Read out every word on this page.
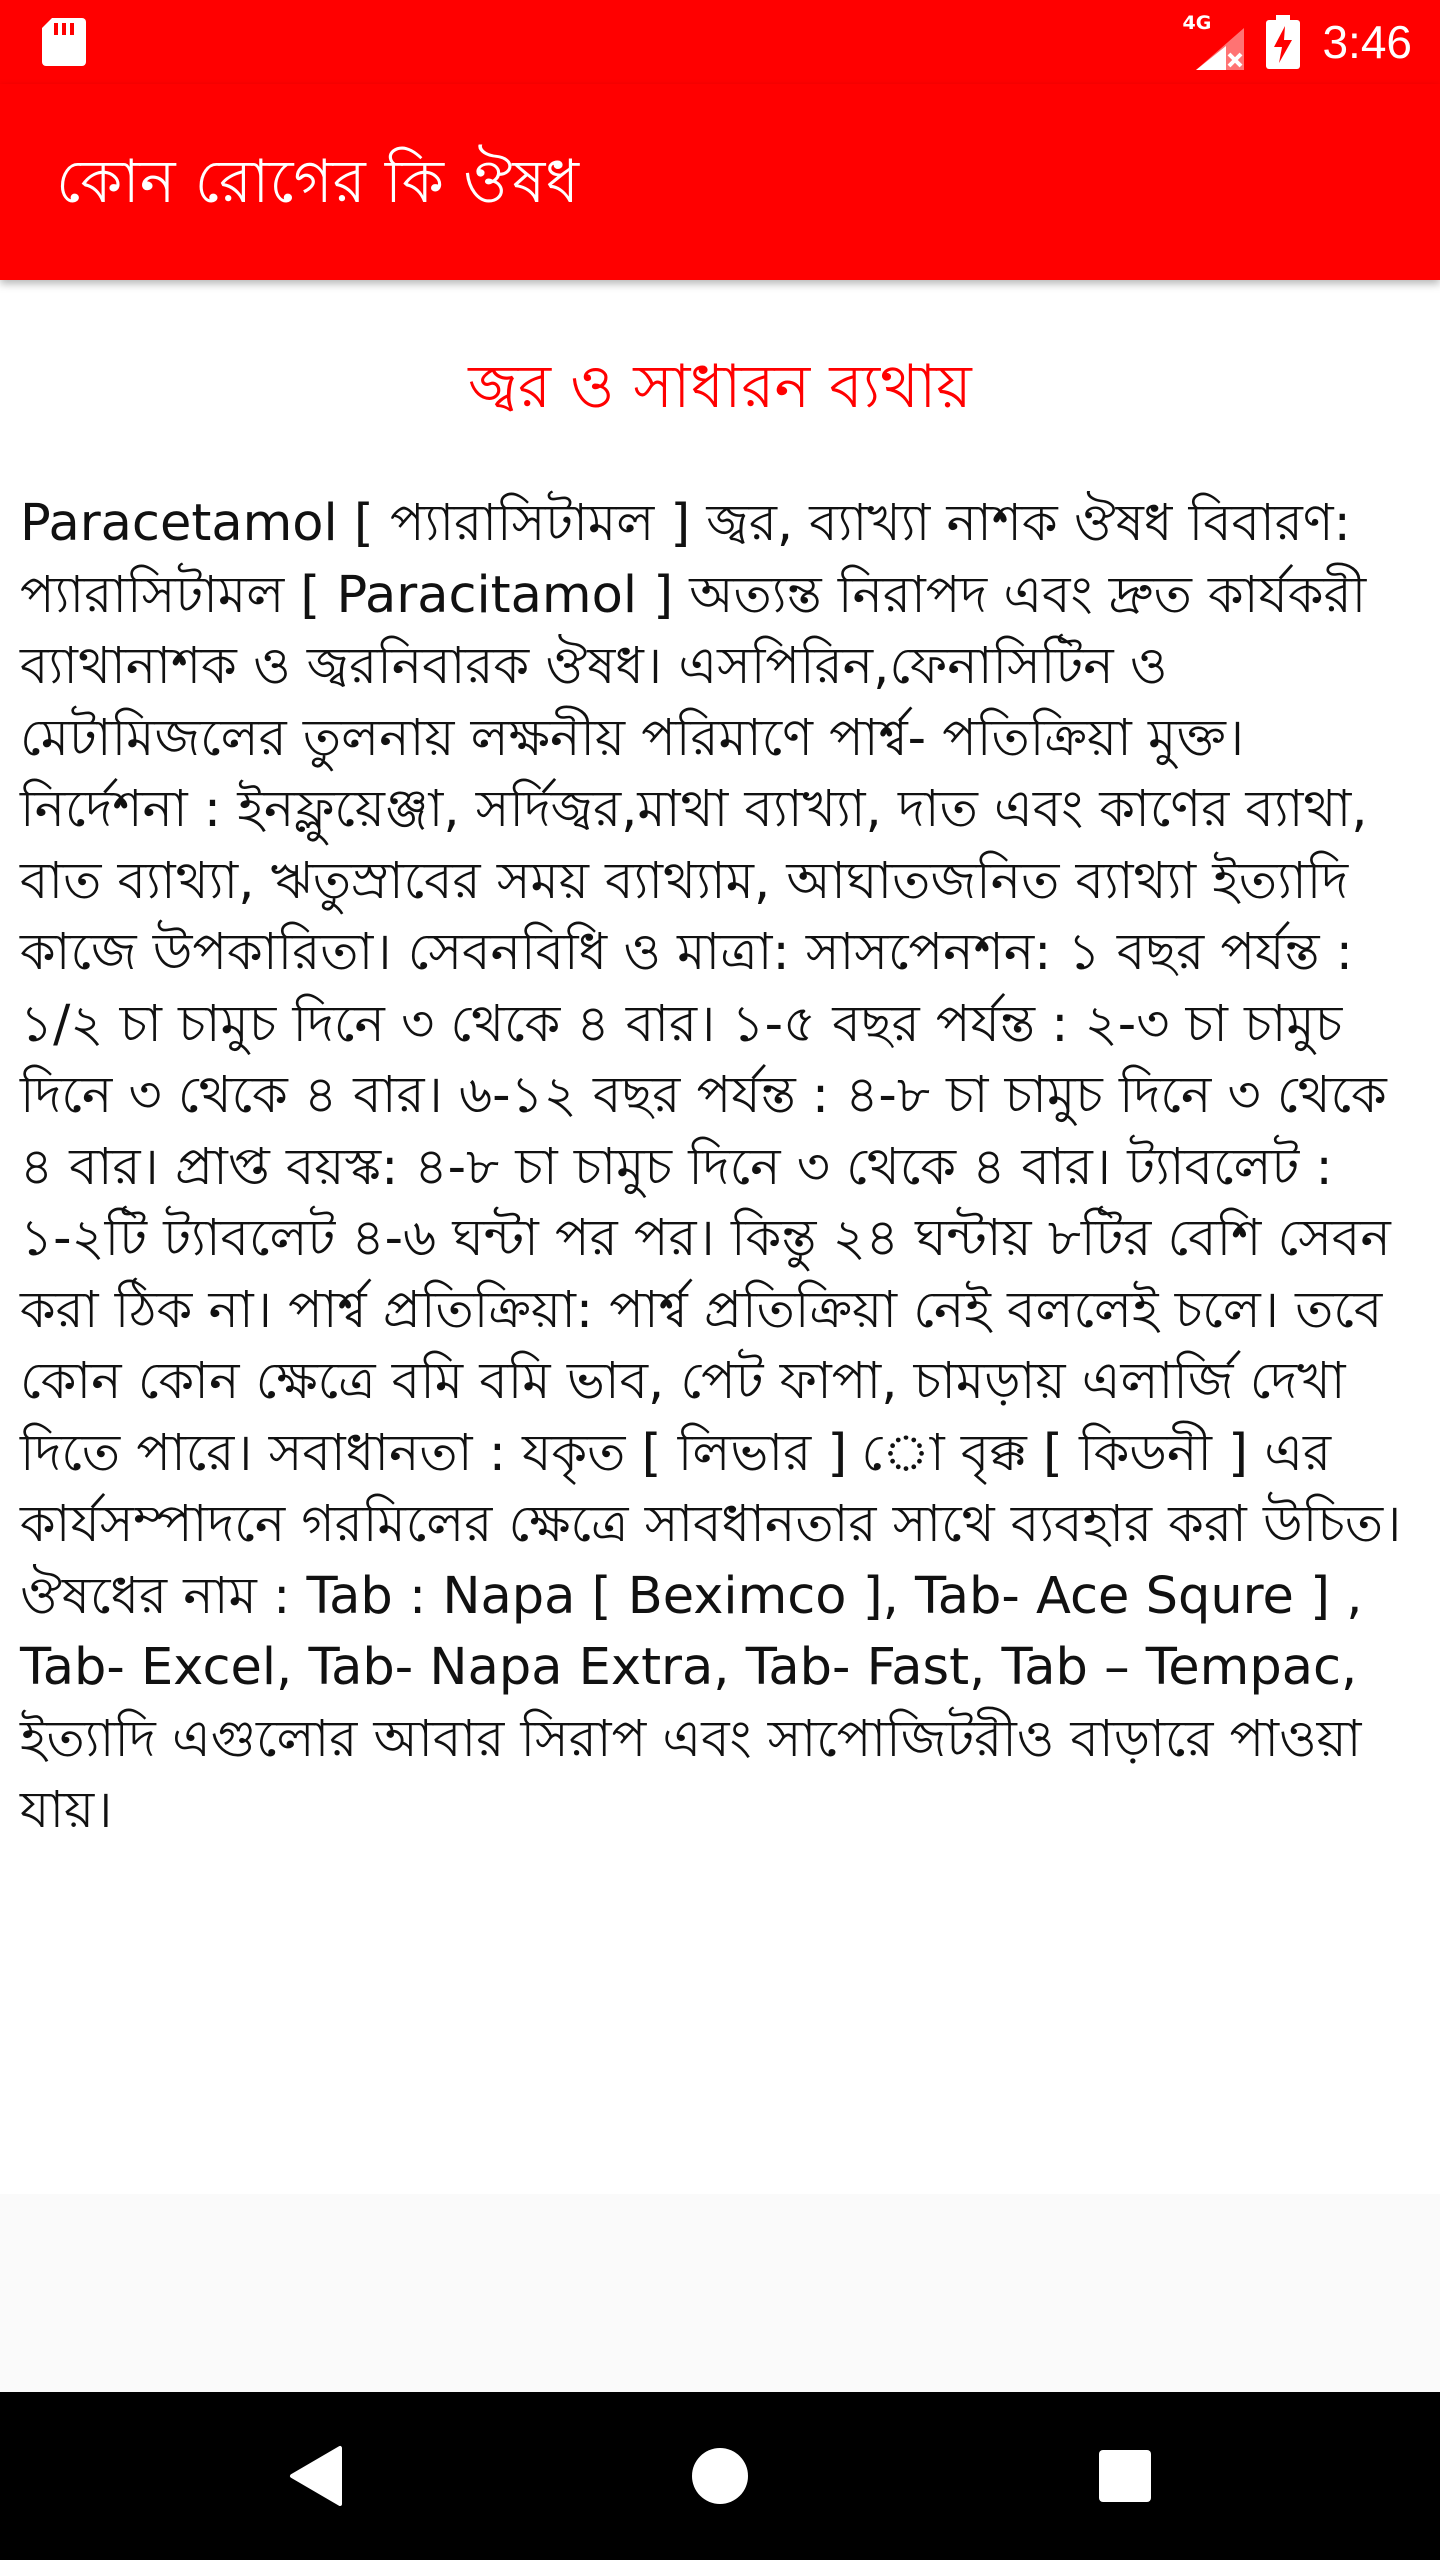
4G 3:46
কোন রোগের কি ঔষধ
জ্বর ও সাধারন ব্যথায়

Paracetamol [ প্যারাসিটামল ] জ্বর, ব্যাখ্যা নাশক ঔষধ বিবারণ: প্যারাসিটামল [ Paracitamol ] অত্যন্ত নিরাপদ এবং দ্রুত কার্যকরী ব্যাথানাশক ও জ্বরনিবারক ঔষধ। এসপিরিন,ফেনাসিটিন ও মেটামিজলের তুলনায় লক্ষনীয় পরিমাণে পার্শ্ব- পতিক্রিয়া মুক্ত। নির্দেশনা : ইনফ্লুয়েঞ্জা, সর্দিজ্বর,মাথা ব্যাখ্যা, দাত এবং কাণের ব্যাথা, বাত ব্যাথ্যা, ঋতুস্রাবের সময় ব্যাথ্যাম, আঘাতজনিত ব্যাথ্যা ইত্যাদি কাজে উপকারিতা। সেবনবিধি ও মাত্রা: সাসপেনশন: ১ বছর পর্যন্ত : ১/২ চা চামুচ দিনে ৩ থেকে ৪ বার। ১-৫ বছর পর্যন্ত : ২-৩ চা চামুচ দিনে ৩ থেকে ৪ বার। ৬-১২ বছর পর্যন্ত : ৪-৮ চা চামুচ দিনে ৩ থেকে ৪ বার। প্রাপ্ত বয়স্ক: ৪-৮ চা চামুচ দিনে ৩ থেকে ৪ বার। ট্যাবলেট : ১-২টি ট্যাবলেট ৪-৬ ঘন্টা পর পর। কিন্তু ২৪ ঘন্টায় ৮টির বেশি সেবন করা ঠিক না। পার্শ্ব প্রতিক্রিয়া: পার্শ্ব প্রতিক্রিয়া নেই বললেই চলে। তবে কোন কোন ক্ষেত্রে বমি বমি ভাব, পেট ফাপা, চামড়ায় এলার্জি দেখা দিতে পারে। সবাধানতা : যকৃত [ লিভার ] ো বৃক্ক [ কিডনী ] এর কার্যসম্পাদনে গরমিলের ক্ষেত্রে সাবধানতার সাথে ব্যবহার করা উচিত। ঔষধের নাম : Tab : Napa [ Beximco ], Tab- Ace Squre ] , Tab- Excel, Tab- Napa Extra, Tab- Fast, Tab – Tempac, ইত্যাদি এগুলোর আবার সিরাপ এবং সাপোজিটরীও বাড়ারে পাওয়া যায়।
